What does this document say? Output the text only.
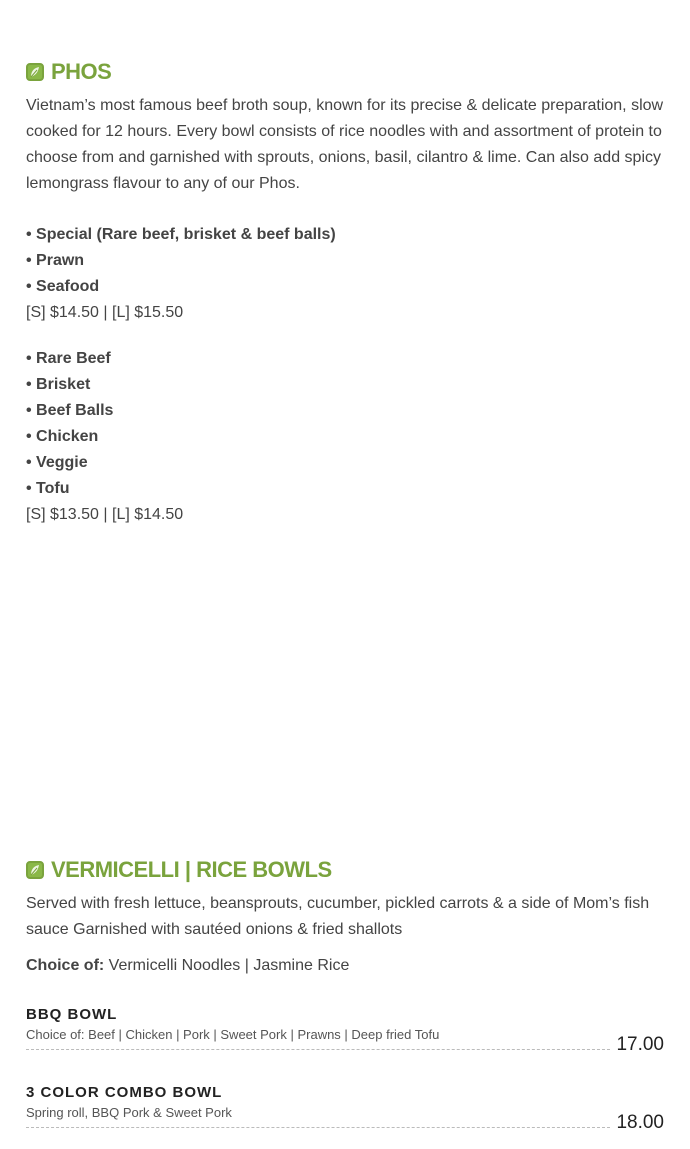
PHOS

Vietnam’s most famous beef broth soup, known for its precise & delicate preparation, slow cooked for 12 hours. Every bowl consists of rice noodles with and assortment of protein to choose from and garnished with sprouts, onions, basil, cilantro & lime. Can also add spicy lemongrass flavour to any of our Phos.

• Special (Rare beef, brisket & beef balls)
• Prawn
• Seafood
[S] $14.50 | [L] $15.50
• Rare Beef
• Brisket
• Beef Balls
• Chicken
• Veggie
• Tofu
[S] $13.50 | [L] $14.50
VERMICELLI | RICE BOWLS

Served with fresh lettuce, beansprouts, cucumber, pickled carrots & a side of Mom’s fish sauce Garnished with sautéed onions & fried shallots

Choice of: Vermicelli Noodles | Jasmine Rice
BBQ BOWL
Choice of: Beef | Chicken | Pork | Sweet Pork | Prawns | Deep fried Tofu	17.00
3 COLOR COMBO BOWL
Spring roll, BBQ Pork & Sweet Pork	18.00
